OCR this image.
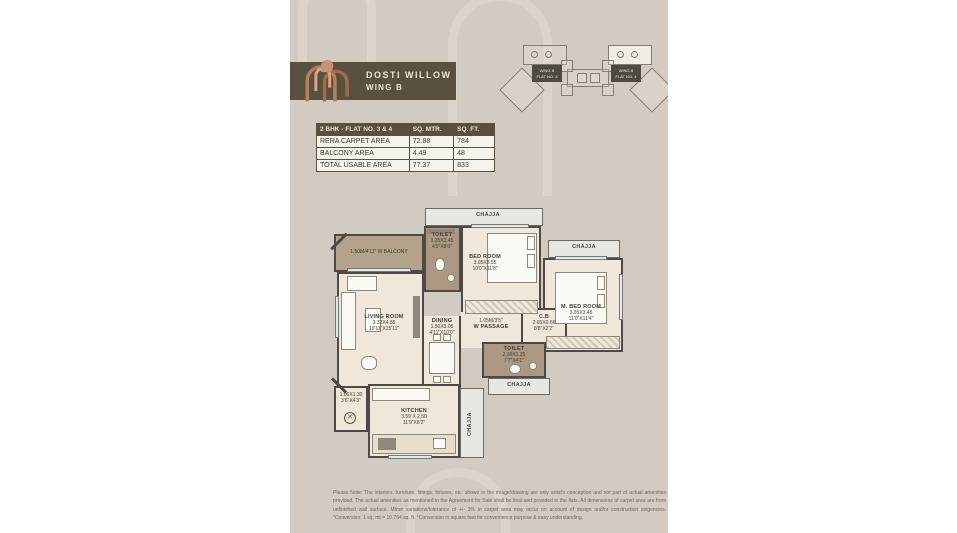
DOSTI WILLOW
WING B
WING B
FLAT NO. 3
WING B
FLAT NO. 4
2 BHK - FLAT NO. 3 & 4	SQ. MTR.	SQ. FT.
RERA CARPET AREA	72.88	784
BALCONY AREA	4.49	48
TOTAL USABLE AREA	77.37	833
CHAJJA
TOILET
1.35X2.45
4'5"X8'0"
BED ROOM
3.05X3.55
10'0"X11'8"
CHAJJA
M. BED ROOM
3.35X3.45
11'0"X11'4"
1.50M/4'11" W BALCONY
LIVING ROOM
3.32X4.85
10'11"X15'11"
DINING
1.50X3.05
4'11"X10'0"
1.05M/3'5"
W PASSAGE
C.B
2.65X0.66
8'8"X2'2"
TOILET
2.30X1.25
7'7"X4'1"
CHAJJA
KITCHEN
3.59 X 2.50
11'9"X8'2"	CHAJJA
1.06X1.30
3'6"X4'3"
✕
Please Note: The interiors, furniture, fittings, fixtures, etc. shown in the image/drawing are only artist's conception and not part of actual amenities provided. The actual amenities as mentioned in the Agreement for Sale shall be final and provided in the flats. All dimensions of carpet area are from unfinished wall surface. Minor variations/tolerance of +/- 3% in carpet area may occur on account of design and/or construction exigencies. *Conversion: 1 sq. mt = 10.764 sq. ft. *Conversion in square feet for convenience purpose & easy understanding.
